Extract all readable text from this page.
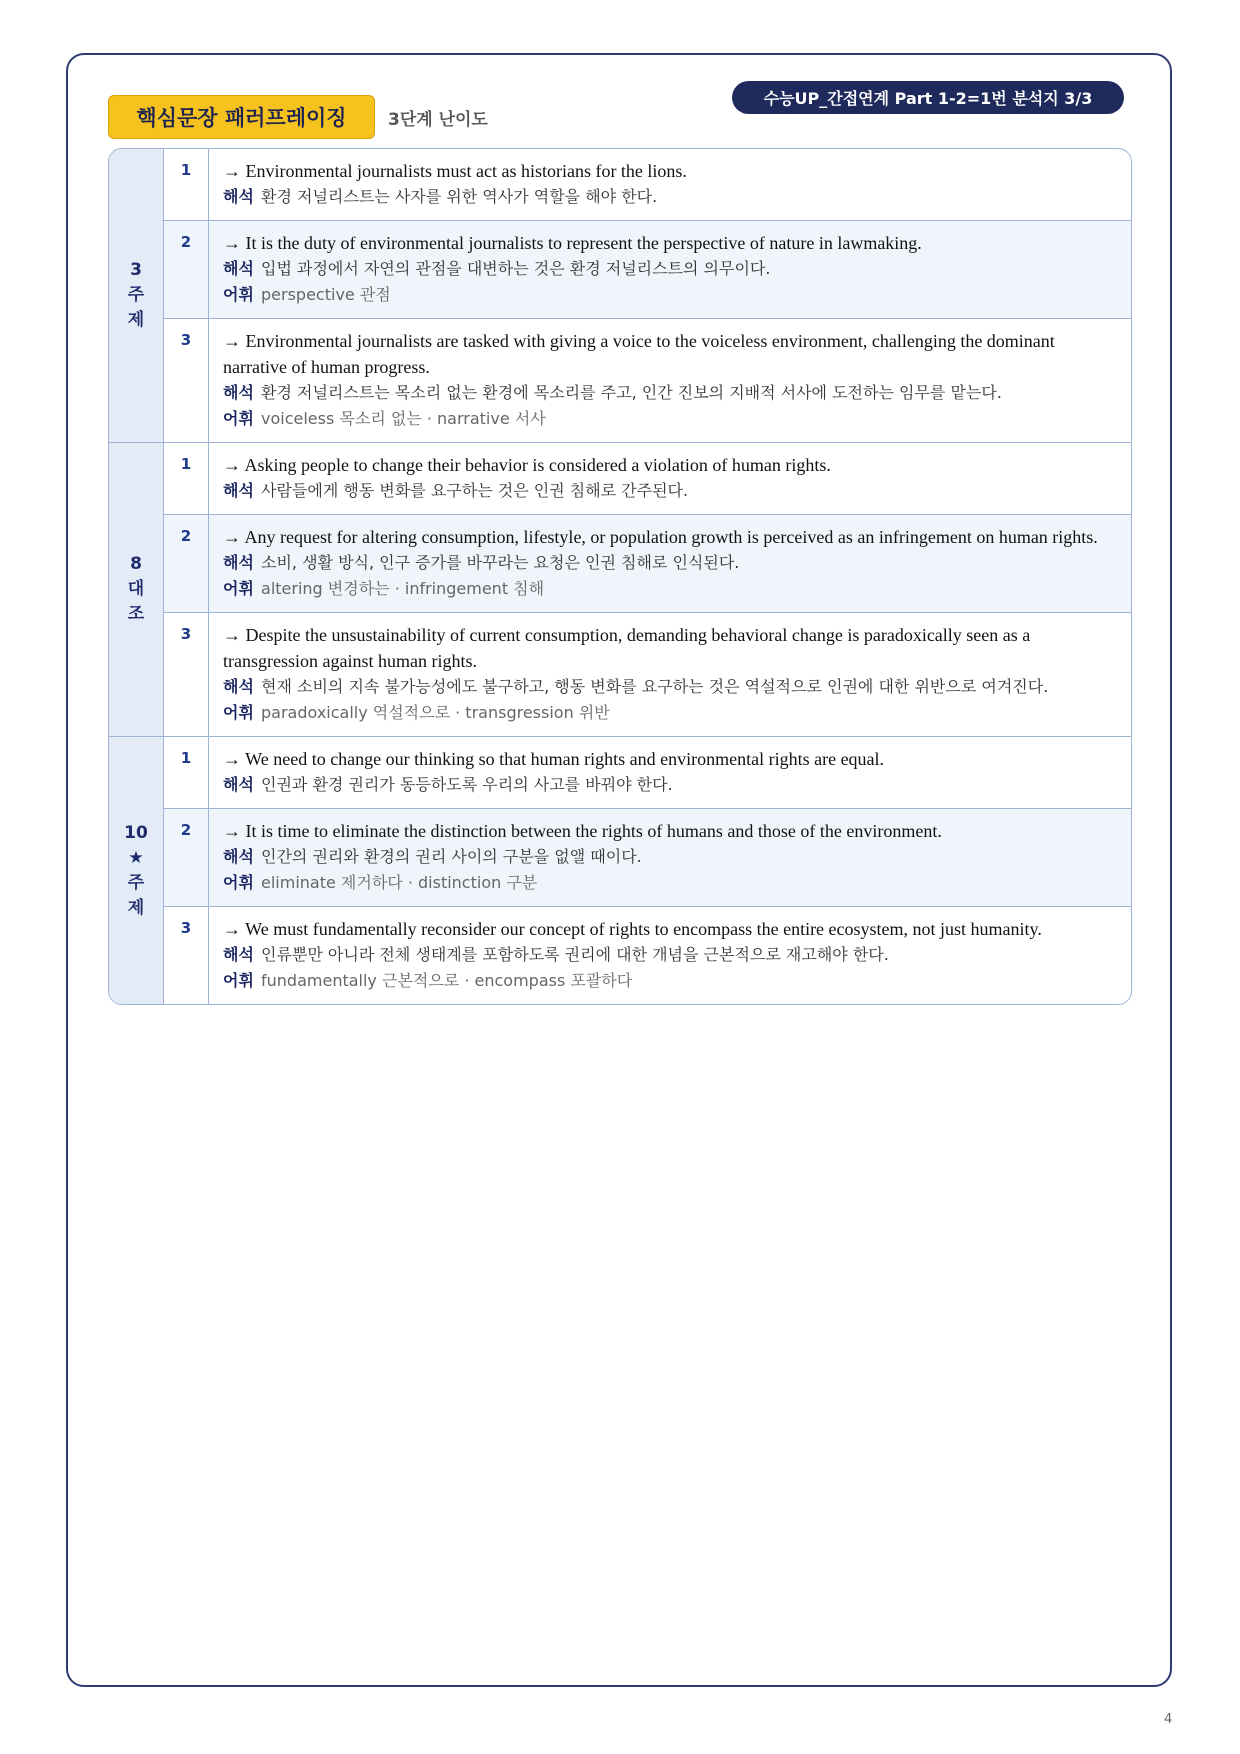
핵심문장 패러프레이징	3단계 난이도
수능UP_간접연계 Part 1-2=1번 분석지 3/3
3
주
제
1	→ Environmental journalists must act as historians for the lions.
해석 환경 저널리스트는 사자를 위한 역사가 역할을 해야 한다.
2	→ It is the duty of environmental journalists to represent the perspective of nature in lawmaking.
해석 입법 과정에서 자연의 관점을 대변하는 것은 환경 저널리스트의 의무이다.
어휘 perspective 관점
3	→ Environmental journalists are tasked with giving a voice to the voiceless environment, challenging the dominant narrative of human progress.
해석 환경 저널리스트는 목소리 없는 환경에 목소리를 주고, 인간 진보의 지배적 서사에 도전하는 임무를 맡는다.
어휘 voiceless 목소리 없는 · narrative 서사
8
대
조
1	→ Asking people to change their behavior is considered a violation of human rights.
해석 사람들에게 행동 변화를 요구하는 것은 인권 침해로 간주된다.
2	→ Any request for altering consumption, lifestyle, or population growth is perceived as an infringement on human rights.
해석 소비, 생활 방식, 인구 증가를 바꾸라는 요청은 인권 침해로 인식된다.
어휘 altering 변경하는 · infringement 침해
3	→ Despite the unsustainability of current consumption, demanding behavioral change is paradoxically seen as a transgression against human rights.
해석 현재 소비의 지속 불가능성에도 불구하고, 행동 변화를 요구하는 것은 역설적으로 인권에 대한 위반으로 여겨진다.
어휘 paradoxically 역설적으로 · transgression 위반
10
★
주
제
1	→ We need to change our thinking so that human rights and environmental rights are equal.
해석 인권과 환경 권리가 동등하도록 우리의 사고를 바꿔야 한다.
2	→ It is time to eliminate the distinction between the rights of humans and those of the environment.
해석 인간의 권리와 환경의 권리 사이의 구분을 없앨 때이다.
어휘 eliminate 제거하다 · distinction 구분
3	→ We must fundamentally reconsider our concept of rights to encompass the entire ecosystem, not just humanity.
해석 인류뿐만 아니라 전체 생태계를 포함하도록 권리에 대한 개념을 근본적으로 재고해야 한다.
어휘 fundamentally 근본적으로 · encompass 포괄하다
4
